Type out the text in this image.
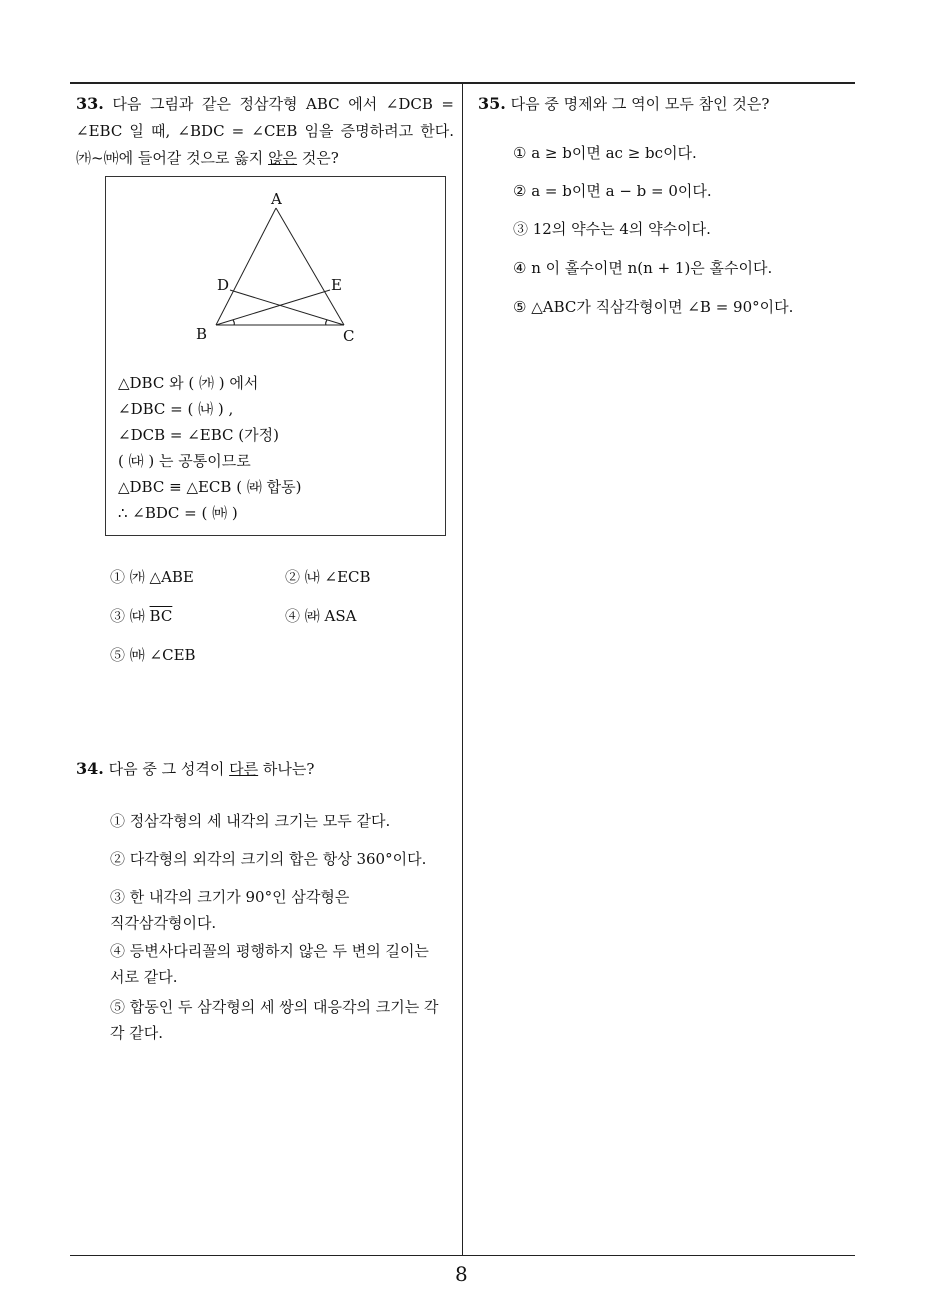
33. 다음 그림과 같은 정삼각형 ABC 에서 ∠DCB = ∠EBC 일 때, ∠BDC = ∠CEB 임을 증명하려고 한다. ㈎~㈒에 들어갈 것으로 옳지 않은 것은?
A
B	C
D	E
△DBC 와 ( ㈎ ) 에서
∠DBC = ( ㈏ ) ,
∠DCB = ∠EBC (가정)
( ㈐ ) 는 공통이므로
△DBC ≡ △ECB ( ㈑ 합동)
∴ ∠BDC = ( ㈒ )
① ㈎ △ABE	② ㈏ ∠ECB
③ ㈐ $\overline{BC}$	④ ㈑ ASA
⑤ ㈒ ∠CEB
34. 다음 중 그 성격이 다른 하나는?
① 정삼각형의 세 내각의 크기는 모두 같다.
② 다각형의 외각의 크기의 합은 항상 360°이다.
③ 한 내각의 크기가 90°인 삼각형은 직각삼각형이다.
④ 등변사다리꼴의 평행하지 않은 두 변의 길이는 서로 같다.
⑤ 합동인 두 삼각형의 세 쌍의 대응각의 크기는 각각 같다.
35. 다음 중 명제와 그 역이 모두 참인 것은?
① a ≥ b이면 ac ≥ bc이다.
② a = b이면 a − b = 0이다.
③ 12의 약수는 4의 약수이다.
④ n 이 홀수이면 n(n + 1)은 홀수이다.
⑤ △ABC가 직삼각형이면 ∠B = 90°이다.
8
